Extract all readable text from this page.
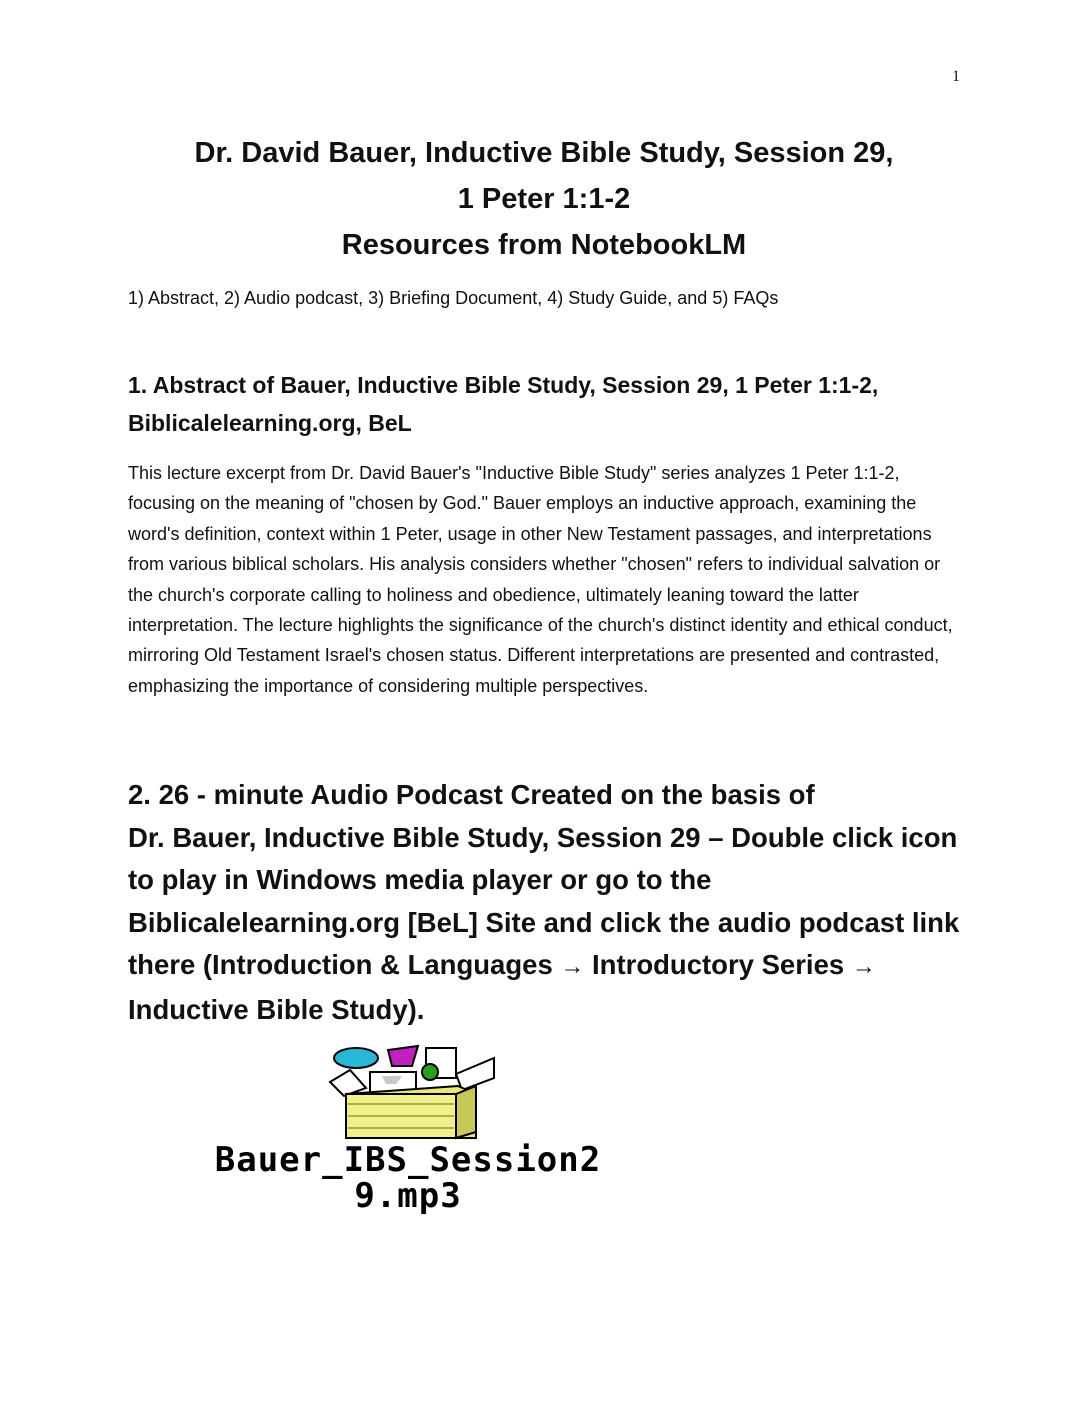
1
Dr. David Bauer, Inductive Bible Study, Session 29,
1 Peter 1:1-2
Resources from NotebookLM
1) Abstract, 2) Audio podcast, 3) Briefing Document, 4) Study Guide, and 5) FAQs
1. Abstract of Bauer, Inductive Bible Study, Session 29, 1 Peter 1:1-2, Biblicalelearning.org, BeL
This lecture excerpt from Dr. David Bauer's "Inductive Bible Study" series analyzes 1 Peter 1:1-2, focusing on the meaning of "chosen by God." Bauer employs an inductive approach, examining the word's definition, context within 1 Peter, usage in other New Testament passages, and interpretations from various biblical scholars. His analysis considers whether "chosen" refers to individual salvation or the church's corporate calling to holiness and obedience, ultimately leaning toward the latter interpretation. The lecture highlights the significance of the church's distinct identity and ethical conduct, mirroring Old Testament Israel's chosen status. Different interpretations are presented and contrasted, emphasizing the importance of considering multiple perspectives.
2. 26 - minute Audio Podcast Created on the basis of
Dr. Bauer, Inductive Bible Study, Session 29 – Double click icon to play in Windows media player or go to the Biblicalelearning.org [BeL] Site and click the audio podcast link there (Introduction & Languages → Introductory Series → Inductive Bible Study).
Bauer_IBS_Session2
9.mp3
